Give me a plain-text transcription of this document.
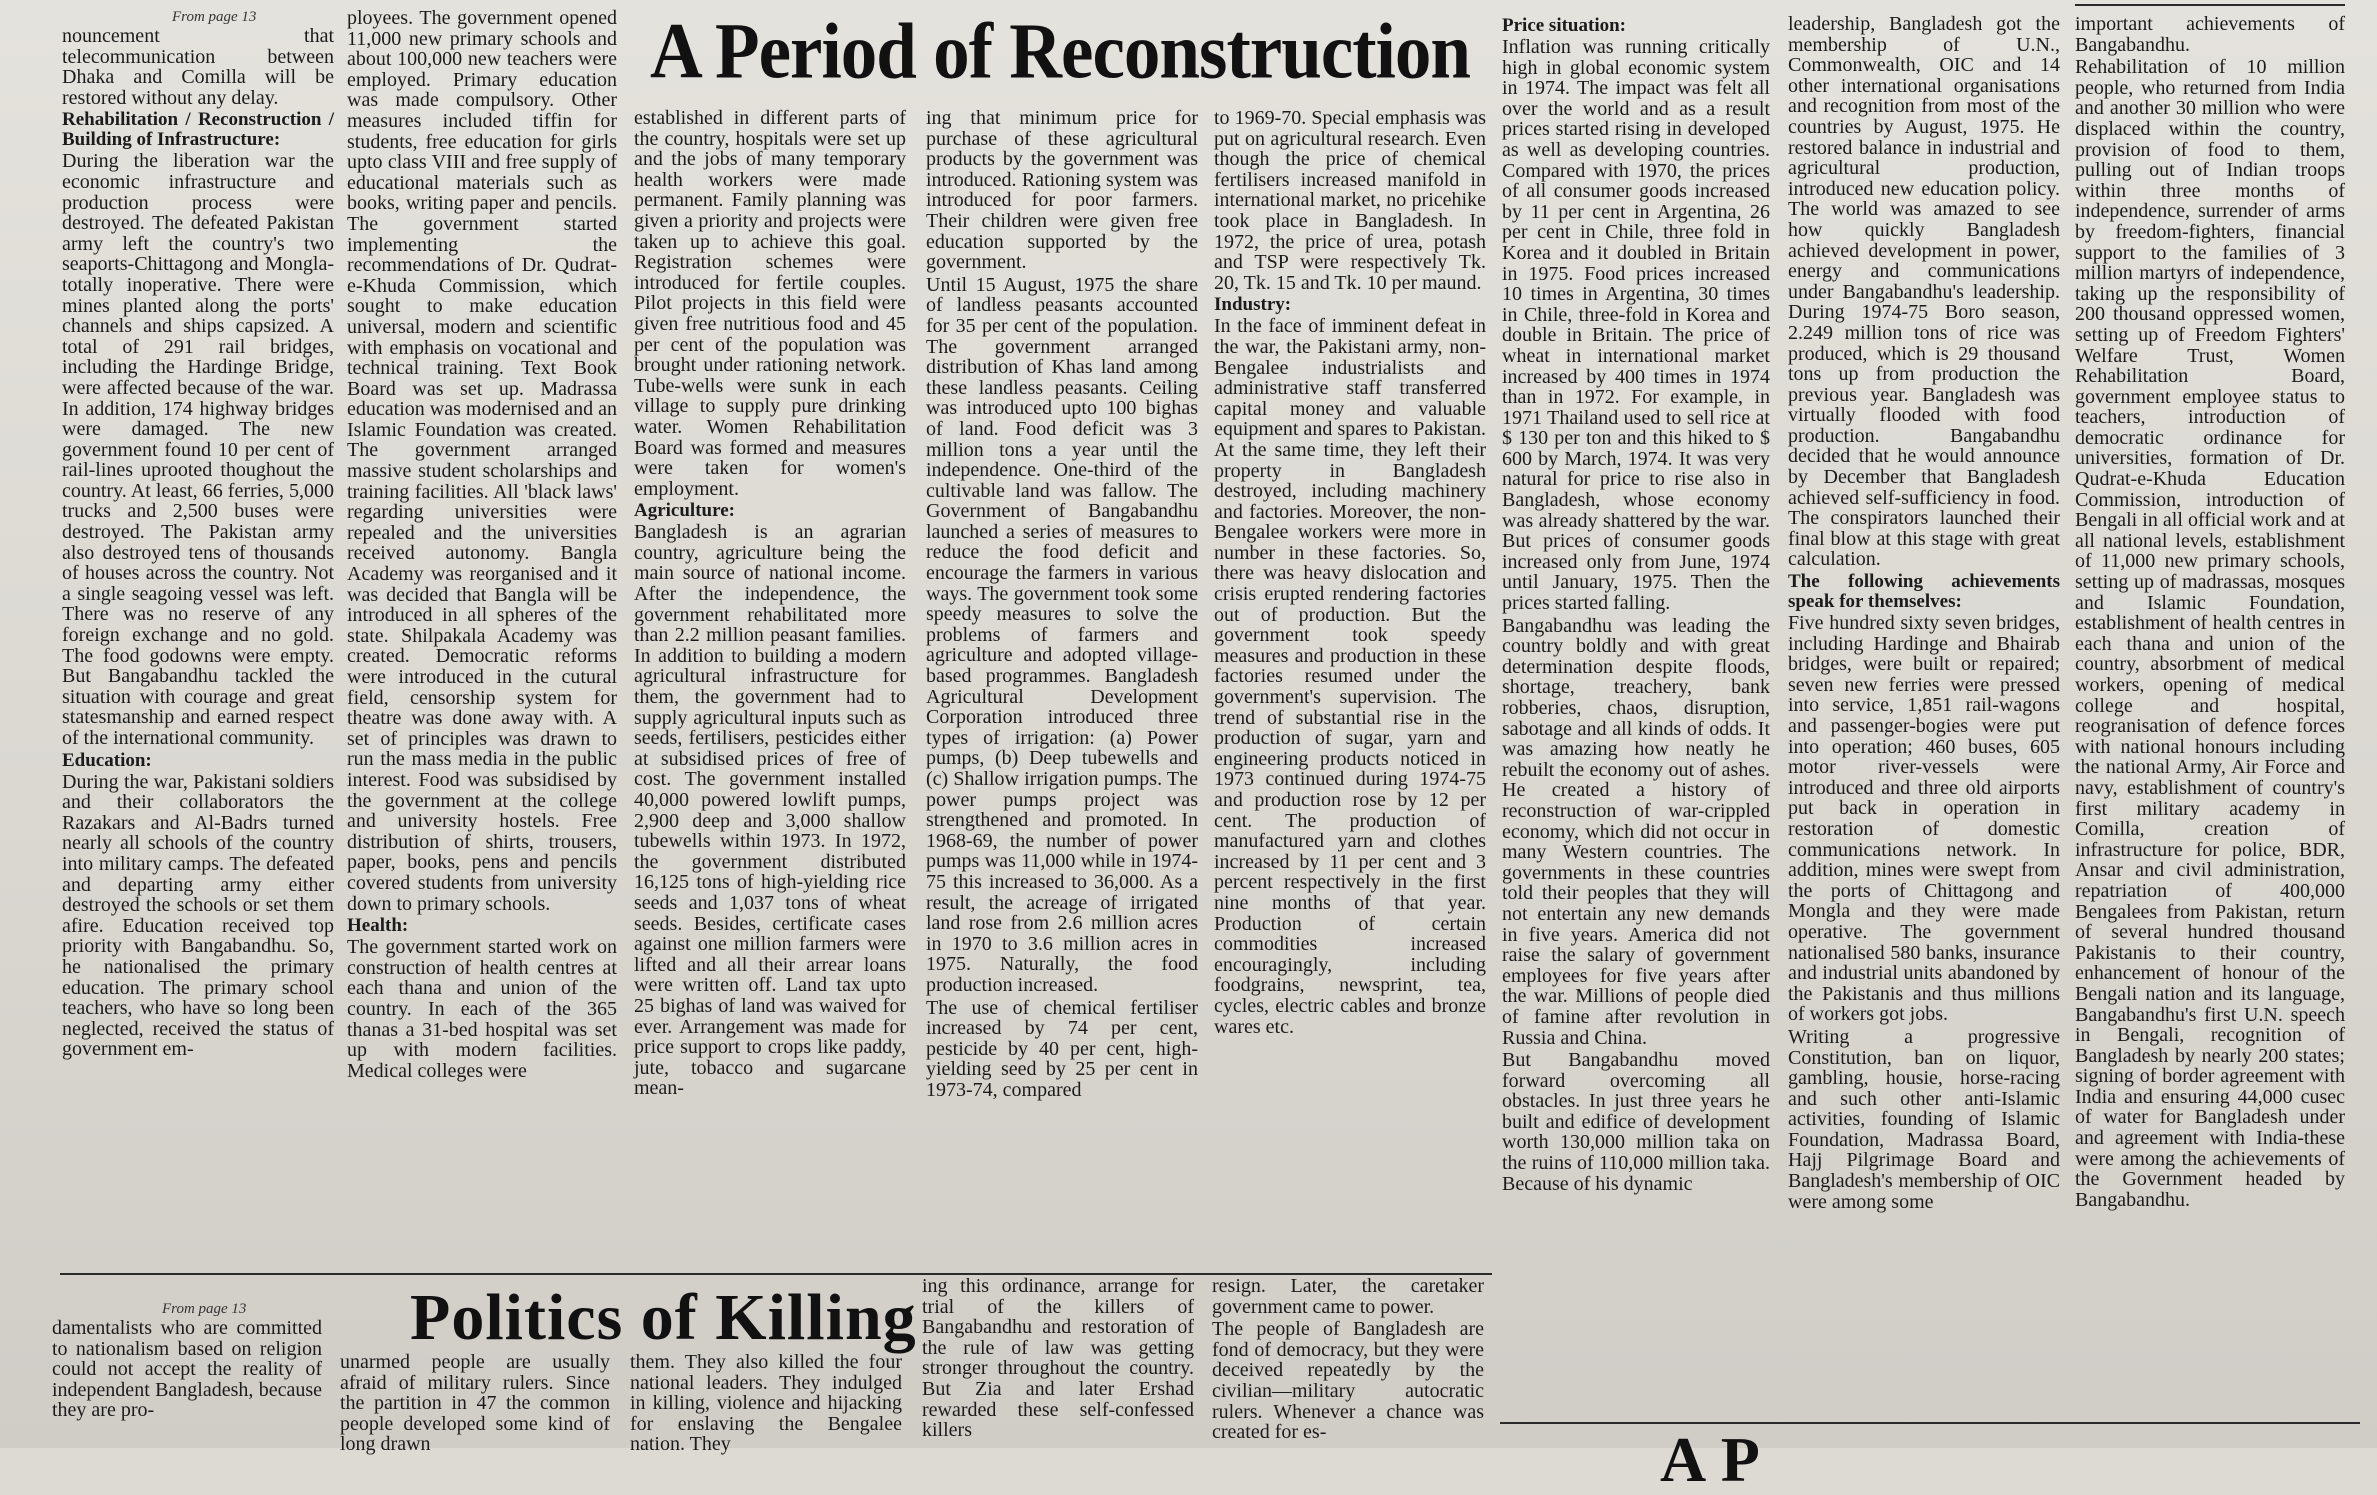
A Period of Reconstruction
From page 13

nouncement that telecommunication between Dhaka and Comilla will be restored without any delay.

Rehabilitation / Reconstruction / Building of Infrastructure:

During the liberation war the economic infrastructure and production process were destroyed. The defeated Pakistan army left the country's two seaports-Chittagong and Mongla-totally inoperative. There were mines planted along the ports' channels and ships capsized. A total of 291 rail bridges, including the Hardinge Bridge, were affected because of the war. In addition, 174 highway bridges were damaged. The new government found 10 per cent of rail-lines uprooted thoughout the country. At least, 66 ferries, 5,000 trucks and 2,500 buses were destroyed. The Pakistan army also destroyed tens of thousands of houses across the country. Not a single seagoing vessel was left. There was no reserve of any foreign exchange and no gold. The food godowns were empty. But Bangabandhu tackled the situation with courage and great statesmanship and earned respect of the international community.

Education:

During the war, Pakistani soldiers and their collaborators the Razakars and Al-Badrs turned nearly all schools of the country into military camps. The defeated and departing army either destroyed the schools or set them afire. Education received top priority with Bangabandhu. So, he nationalised the primary education. The primary school teachers, who have so long been neglected, received the status of government em-

ployees. The government opened 11,000 new primary schools and about 100,000 new teachers were employed. Primary education was made compulsory. Other measures included tiffin for students, free education for girls upto class VIII and free supply of educational materials such as books, writing paper and pencils. The government started implementing the recommendations of Dr. Qudrat-e-Khuda Commission, which sought to make education universal, modern and scientific with emphasis on vocational and technical training. Text Book Board was set up. Madrassa education was modernised and an Islamic Foundation was created. The government arranged massive student scholarships and training facilities. All 'black laws' regarding universities were repealed and the universities received autonomy. Bangla Academy was reorganised and it was decided that Bangla will be introduced in all spheres of the state. Shilpakala Academy was created. Democratic reforms were introduced in the cutural field, censorship system for theatre was done away with. A set of principles was drawn to run the mass media in the public interest. Food was subsidised by the government at the college and university hostels. Free distribution of shirts, trousers, paper, books, pens and pencils covered students from university down to primary schools.

Health:

The government started work on construction of health centres at each thana and union of the country. In each of the 365 thanas a 31-bed hospital was set up with modern facilities. Medical colleges were

established in different parts of the country, hospitals were set up and the jobs of many temporary health workers were made permanent. Family planning was given a priority and projects were taken up to achieve this goal. Registration schemes were introduced for fertile couples. Pilot projects in this field were given free nutritious food and 45 per cent of the population was brought under rationing network. Tube-wells were sunk in each village to supply pure drinking water. Women Rehabilitation Board was formed and measures were taken for women's employment.

Agriculture:

Bangladesh is an agrarian country, agriculture being the main source of national income. After the independence, the government rehabilitated more than 2.2 million peasant families. In addition to building a modern agricultural infrastructure for them, the government had to supply agricultural inputs such as seeds, fertilisers, pesticides either at subsidised prices of free of cost. The government installed 40,000 powered lowlift pumps, 2,900 deep and 3,000 shallow tubewells within 1973. In 1972, the government distributed 16,125 tons of high-yielding rice seeds and 1,037 tons of wheat seeds. Besides, certificate cases against one million farmers were lifted and all their arrear loans were written off. Land tax upto 25 bighas of land was waived for ever. Arrangement was made for price support to crops like paddy, jute, tobacco and sugarcane mean-

ing that minimum price for purchase of these agricultural products by the government was introduced. Rationing system was introduced for poor farmers. Their children were given free education supported by the government.

Until 15 August, 1975 the share of landless peasants accounted for 35 per cent of the population. The government arranged distribution of Khas land among these landless peasants. Ceiling was introduced upto 100 bighas of land. Food deficit was 3 million tons a year until the independence. One-third of the cultivable land was fallow. The Government of Bangabandhu launched a series of measures to reduce the food deficit and encourage the farmers in various ways. The government took some speedy measures to solve the problems of farmers and agriculture and adopted village-based programmes. Bangladesh Agricultural Development Corporation introduced three types of irrigation: (a) Power pumps, (b) Deep tubewells and (c) Shallow irrigation pumps. The power pumps project was strengthened and promoted. In 1968-69, the number of power pumps was 11,000 while in 1974-75 this increased to 36,000. As a result, the acreage of irrigated land rose from 2.6 million acres in 1970 to 3.6 million acres in 1975. Naturally, the food production increased.

The use of chemical fertiliser increased by 74 per cent, pesticide by 40 per cent, high-yielding seed by 25 per cent in 1973-74, compared

to 1969-70. Special emphasis was put on agricultural research. Even though the price of chemical fertilisers increased manifold in international market, no pricehike took place in Bangladesh. In 1972, the price of urea, potash and TSP were respectively Tk. 20, Tk. 15 and Tk. 10 per maund.

Industry:

In the face of imminent defeat in the war, the Pakistani army, non-Bengalee industrialists and administrative staff transferred capital money and valuable equipment and spares to Pakistan. At the same time, they left their property in Bangladesh destroyed, including machinery and factories. Moreover, the non-Bengalee workers were more in number in these factories. So, there was heavy dislocation and crisis erupted rendering factories out of production. But the government took speedy measures and production in these factories resumed under the government's supervision. The trend of substantial rise in the production of sugar, yarn and engineering products noticed in 1973 continued during 1974-75 and production rose by 12 per cent. The production of manufactured yarn and clothes increased by 11 per cent and 3 percent respectively in the first nine months of that year. Production of certain commodities increased encouragingly, including foodgrains, newsprint, tea, cycles, electric cables and bronze wares etc.

Price situation:

Inflation was running critically high in global economic system in 1974. The impact was felt all over the world and as a result prices started rising in developed as well as developing countries. Compared with 1970, the prices of all consumer goods increased by 11 per cent in Argentina, 26 per cent in Chile, three fold in Korea and it doubled in Britain in 1975. Food prices increased 10 times in Argentina, 30 times in Chile, three-fold in Korea and double in Britain. The price of wheat in international market increased by 400 times in 1974 than in 1972. For example, in 1971 Thailand used to sell rice at $ 130 per ton and this hiked to $ 600 by March, 1974. It was very natural for price to rise also in Bangladesh, whose economy was already shattered by the war. But prices of consumer goods increased only from June, 1974 until January, 1975. Then the prices started falling.

Bangabandhu was leading the country boldly and with great determination despite floods, shortage, treachery, bank robberies, chaos, disruption, sabotage and all kinds of odds. It was amazing how neatly he rebuilt the economy out of ashes. He created a history of reconstruction of war-crippled economy, which did not occur in many Western countries. The governments in these countries told their peoples that they will not entertain any new demands in five years. America did not raise the salary of government employees for five years after the war. Millions of people died of famine after revolution in Russia and China.

But Bangabandhu moved forward overcoming all obstacles. In just three years he built and edifice of development worth 130,000 million taka on the ruins of 110,000 million taka. Because of his dynamic

leadership, Bangladesh got the membership of U.N., Commonwealth, OIC and 14 other international organisations and recognition from most of the countries by August, 1975. He restored balance in industrial and agricultural production, introduced new education policy. The world was amazed to see how quickly Bangladesh achieved development in power, energy and communications under Bangabandhu's leadership. During 1974-75 Boro season, 2.249 million tons of rice was produced, which is 29 thousand tons up from production the previous year. Bangladesh was virtually flooded with food production. Bangabandhu decided that he would announce by December that Bangladesh achieved self-sufficiency in food. The conspirators launched their final blow at this stage with great calculation.

The following achievements speak for themselves:

Five hundred sixty seven bridges, including Hardinge and Bhairab bridges, were built or repaired; seven new ferries were pressed into service, 1,851 rail-wagons and passenger-bogies were put into operation; 460 buses, 605 motor river-vessels were introduced and three old airports put back in operation in restoration of domestic communications network. In addition, mines were swept from the ports of Chittagong and Mongla and they were made operative. The government nationalised 580 banks, insurance and industrial units abandoned by the Pakistanis and thus millions of workers got jobs.

Writing a progressive Constitution, ban on liquor, gambling, housie, horse-racing and such other anti-Islamic activities, founding of Islamic Foundation, Madrassa Board, Hajj Pilgrimage Board and Bangladesh's membership of OIC were among some

important achievements of Bangabandhu.

Rehabilitation of 10 million people, who returned from India and another 30 million who were displaced within the country, provision of food to them, pulling out of Indian troops within three months of independence, surrender of arms by freedom-fighters, financial support to the families of 3 million martyrs of independence, taking up the responsibility of 200 thousand oppressed women, setting up of Freedom Fighters' Welfare Trust, Women Rehabilitation Board, government employee status to teachers, introduction of democratic ordinance for universities, formation of Dr. Qudrat-e-Khuda Education Commission, introduction of Bengali in all official work and at all national levels, establishment of 11,000 new primary schools, setting up of madrassas, mosques and Islamic Foundation, establishment of health centres in each thana and union of the country, absorbment of medical workers, opening of medical college and hospital, reogranisation of defence forces with national honours including the national Army, Air Force and navy, establishment of country's first military academy in Comilla, creation of infrastructure for police, BDR, Ansar and civil administration, repatriation of 400,000 Bengalees from Pakistan, return of several hundred thousand Pakistanis to their country, enhancement of honour of the Bengali nation and its language, Bangabandhu's first U.N. speech in Bengali, recognition of Bangladesh by nearly 200 states; signing of border agreement with India and ensuring 44,000 cusec of water for Bangladesh under and agreement with India-these were among the achievements of the Government headed by Bangabandhu.

Politics of Killing
From page 13

damentalists who are committed to nationalism based on religion could not accept the reality of independent Bangladesh, because they are pro-

unarmed people are usually afraid of military rulers. Since the partition in 47 the common people developed some kind of long drawn

them. They also killed the four national leaders. They indulged in killing, violence and hijacking for enslaving the Bengalee nation. They

ing this ordinance, arrange for trial of the killers of Bangabandhu and restoration of the rule of law was getting stronger throughout the country. But Zia and later Ershad rewarded these self-confessed killers

resign. Later, the caretaker government came to power.

The people of Bangladesh are fond of democracy, but they were deceived repeatedly by the civilian—military autocratic rulers. Whenever a chance was created for es-	A P
